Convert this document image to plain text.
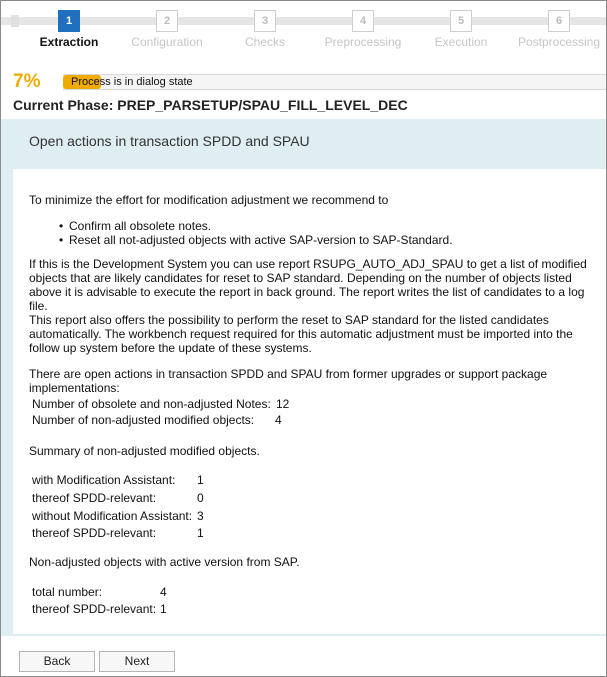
1
Extraction
2
Configuration
3
Checks
4
Preprocessing
5
Execution
6
Postprocessing
7%	Process is in dialog state
Current Phase: PREP_PARSETUP/SPAU_FILL_LEVEL_DEC
Open actions in transaction SPDD and SPAU
To minimize the effort for modification adjustment we recommend to
• Confirm all obsolete notes.
• Reset all not-adjusted objects with active SAP-version to SAP-Standard.
If this is the Development System you can use report RSUPG_AUTO_ADJ_SPAU to get a list of modified
objects that are likely candidates for reset to SAP standard. Depending on the number of objects listed
above it is advisable to execute the report in back ground. The report writes the list of candidates to a log
file.
This report also offers the possibility to perform the reset to SAP standard for the listed candidates
automatically. The workbench request required for this automatic adjustment must be imported into the
follow up system before the update of these systems.
There are open actions in transaction SPDD and SPAU from former upgrades or support package
implementations:
Number of obsolete and non-adjusted Notes: 12
Number of non-adjusted modified objects: 4
Summary of non-adjusted modified objects.
with Modification Assistant: 1
thereof SPDD-relevant:	0
without Modification Assistant: 3
thereof SPDD-relevant:	1
Non-adjusted objects with active version from SAP.
total number:	4
thereof SPDD-relevant: 1
Back	Next
